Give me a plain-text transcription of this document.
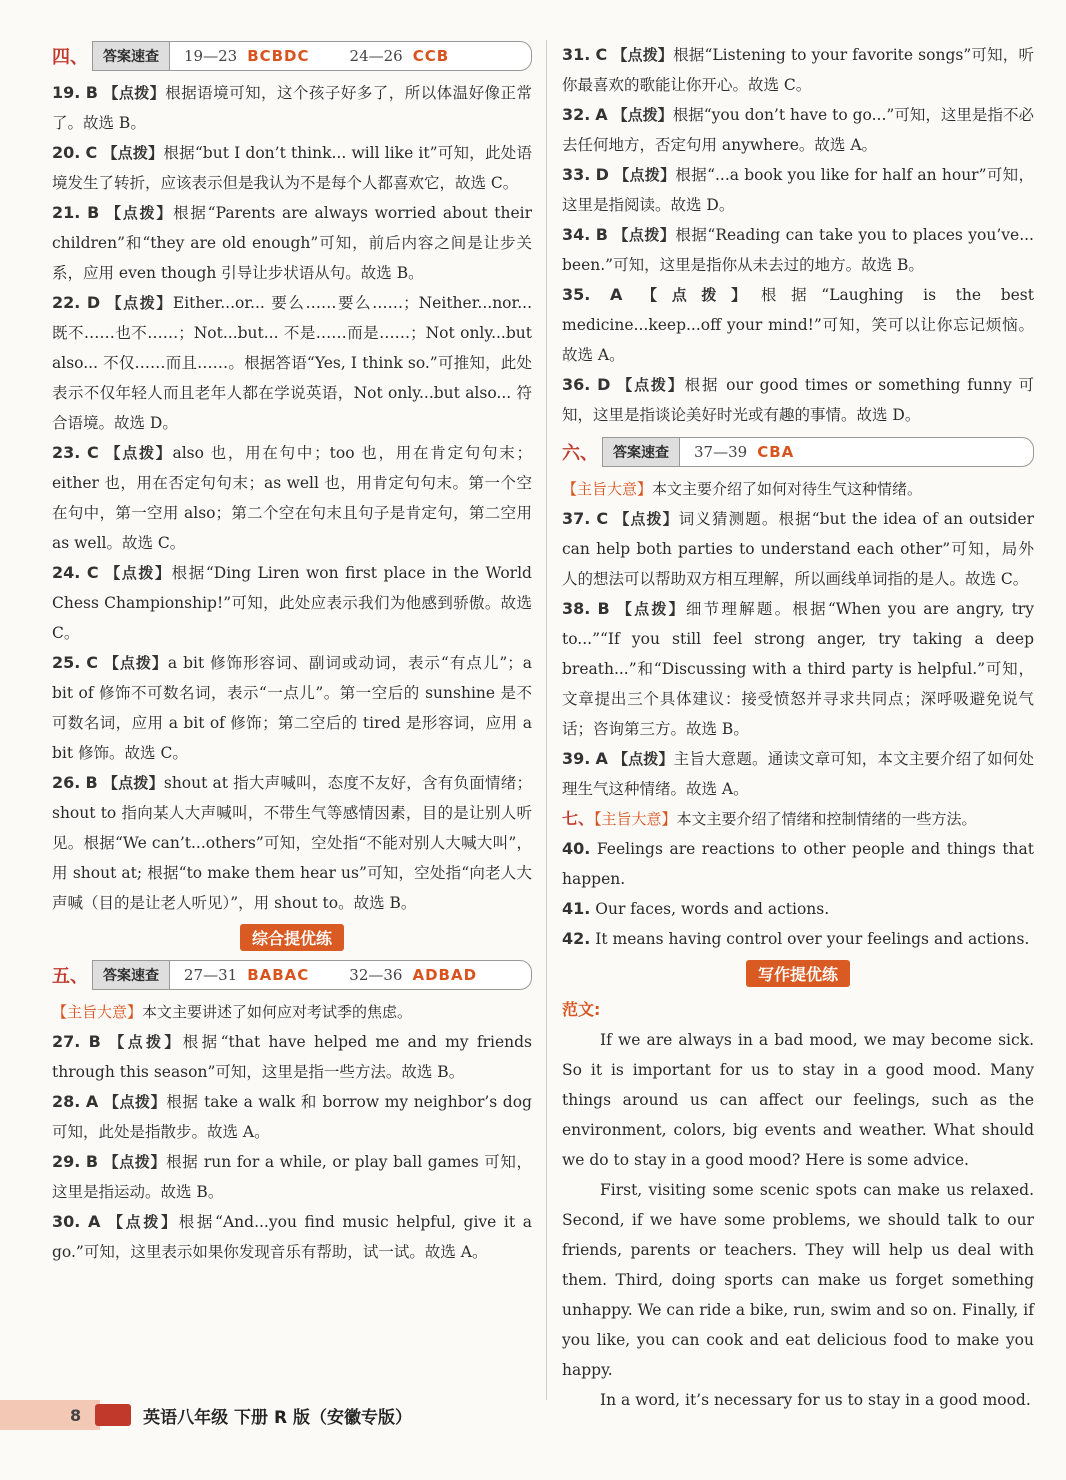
四、	答案速查	19—23 BCBDC	24—26 CCB

19. B 【点拨】根据语境可知，这个孩子好多了，所以体温好像正常了。故选 B。

20. C 【点拨】根据“but I don’t think... will like it”可知，此处语境发生了转折，应该表示但是我认为不是每个人都喜欢它，故选 C。

21. B 【点拨】根据“Parents are always worried about their children”和“they are old enough”可知，前后内容之间是让步关系，应用 even though 引导让步状语从句。故选 B。

22. D 【点拨】Either...or... 要么……要么……；Neither...nor... 既不……也不……；Not...but... 不是……而是……；Not only...but also... 不仅……而且……。根据答语“Yes, I think so.”可推知，此处表示不仅年轻人而且老年人都在学说英语，Not only...but also... 符合语境。故选 D。

23. C 【点拨】also 也，用在句中；too 也，用在肯定句句末；either 也，用在否定句句末；as well 也，用肯定句句末。第一个空在句中，第一空用 also；第二个空在句末且句子是肯定句，第二空用 as well。故选 C。

24. C 【点拨】根据“Ding Liren won first place in the World Chess Championship!”可知，此处应表示我们为他感到骄傲。故选 C。

25. C 【点拨】a bit 修饰形容词、副词或动词，表示“有点儿”；a bit of 修饰不可数名词，表示“一点儿”。第一空后的 sunshine 是不可数名词，应用 a bit of 修饰；第二空后的 tired 是形容词，应用 a bit 修饰。故选 C。

26. B 【点拨】shout at 指大声喊叫，态度不友好，含有负面情绪；shout to 指向某人大声喊叫，不带生气等感情因素，目的是让别人听见。根据“We can’t...others”可知，空处指“不能对别人大喊大叫”，用 shout at; 根据“to make them hear us”可知，空处指“向老人大声喊（目的是让老人听见）”，用 shout to。故选 B。

综合提优练
五、	答案速查	27—31 BABAC	32—36 ADBAD

【主旨大意】本文主要讲述了如何应对考试季的焦虑。

27. B 【点拨】根据“that have helped me and my friends through this season”可知，这里是指一些方法。故选 B。

28. A 【点拨】根据 take a walk 和 borrow my neighbor’s dog 可知，此处是指散步。故选 A。

29. B 【点拨】根据 run for a while, or play ball games 可知，这里是指运动。故选 B。

30. A 【点拨】根据“And...you find music helpful, give it a go.”可知，这里表示如果你发现音乐有帮助，试一试。故选 A。

31. C 【点拨】根据“Listening to your favorite songs”可知，听你最喜欢的歌能让你开心。故选 C。

32. A 【点拨】根据“you don’t have to go...”可知，这里是指不必去任何地方，否定句用 anywhere。故选 A。

33. D 【点拨】根据“...a book you like for half an hour”可知，这里是指阅读。故选 D。

34. B 【点拨】根据“Reading can take you to places you’ve... been.”可知，这里是指你从未去过的地方。故选 B。

35. A 【点拨】根据“Laughing is the best medicine...keep...off your mind!”可知，笑可以让你忘记烦恼。故选 A。

36. D 【点拨】根据 our good times or something funny 可知，这里是指谈论美好时光或有趣的事情。故选 D。

六、	答案速查	37—39 CBA

【主旨大意】本文主要介绍了如何对待生气这种情绪。

37. C 【点拨】词义猜测题。根据“but the idea of an outsider can help both parties to understand each other”可知，局外人的想法可以帮助双方相互理解，所以画线单词指的是人。故选 C。

38. B 【点拨】细节理解题。根据“When you are angry, try to...”“If you still feel strong anger, try taking a deep breath...”和“Discussing with a third party is helpful.”可知，文章提出三个具体建议：接受愤怒并寻求共同点；深呼吸避免说气话；咨询第三方。故选 B。

39. A 【点拨】主旨大意题。通读文章可知，本文主要介绍了如何处理生气这种情绪。故选 A。

七、【主旨大意】本文主要介绍了情绪和控制情绪的一些方法。

40. Feelings are reactions to other people and things that happen.

41. Our faces, words and actions.

42. It means having control over your feelings and actions.

写作提优练
范文:

If we are always in a bad mood, we may become sick. So it is important for us to stay in a good mood. Many things around us can affect our feelings, such as the environment, colors, big events and weather. What should we do to stay in a good mood? Here is some advice.

First, visiting some scenic spots can make us relaxed. Second, if we have some problems, we should talk to our friends, parents or teachers. They will help us deal with them. Third, doing sports can make us forget something unhappy. We can ride a bike, run, swim and so on. Finally, if you like, you can cook and eat delicious food to make you happy.

In a word, it’s necessary for us to stay in a good mood.

8	英语八年级 下册 R 版（安徽专版）
